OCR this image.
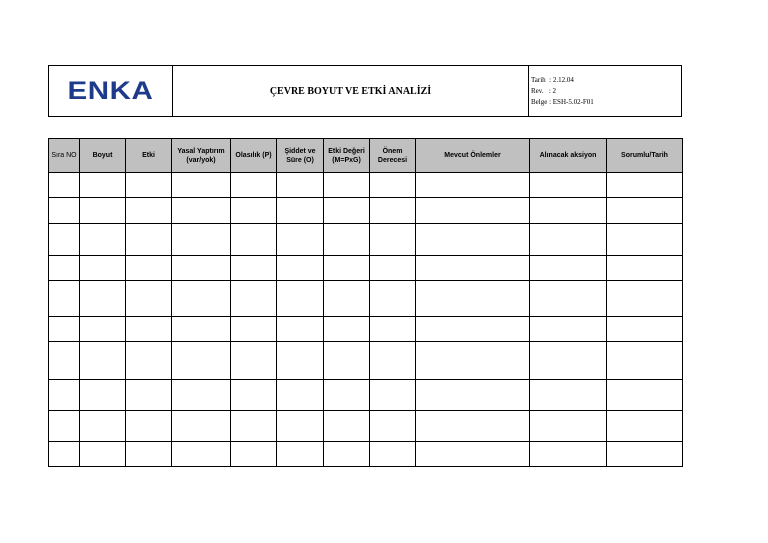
ENKA	ÇEVRE BOYUT VE ETKİ ANALİZİ	
Tarih  : 2.12.04
Rev.   : 2
Belge : ESH-5.02-F01
Sıra NO	Boyut	Etki	Yasal Yaptırım (var/yok)	Olasılık (P)	Şiddet ve Süre (O)	Etki Değeri (M=PxG)	Önem Derecesi	Mevcut Önlemler	Alınacak aksiyon	Sorumlu/Tarih
